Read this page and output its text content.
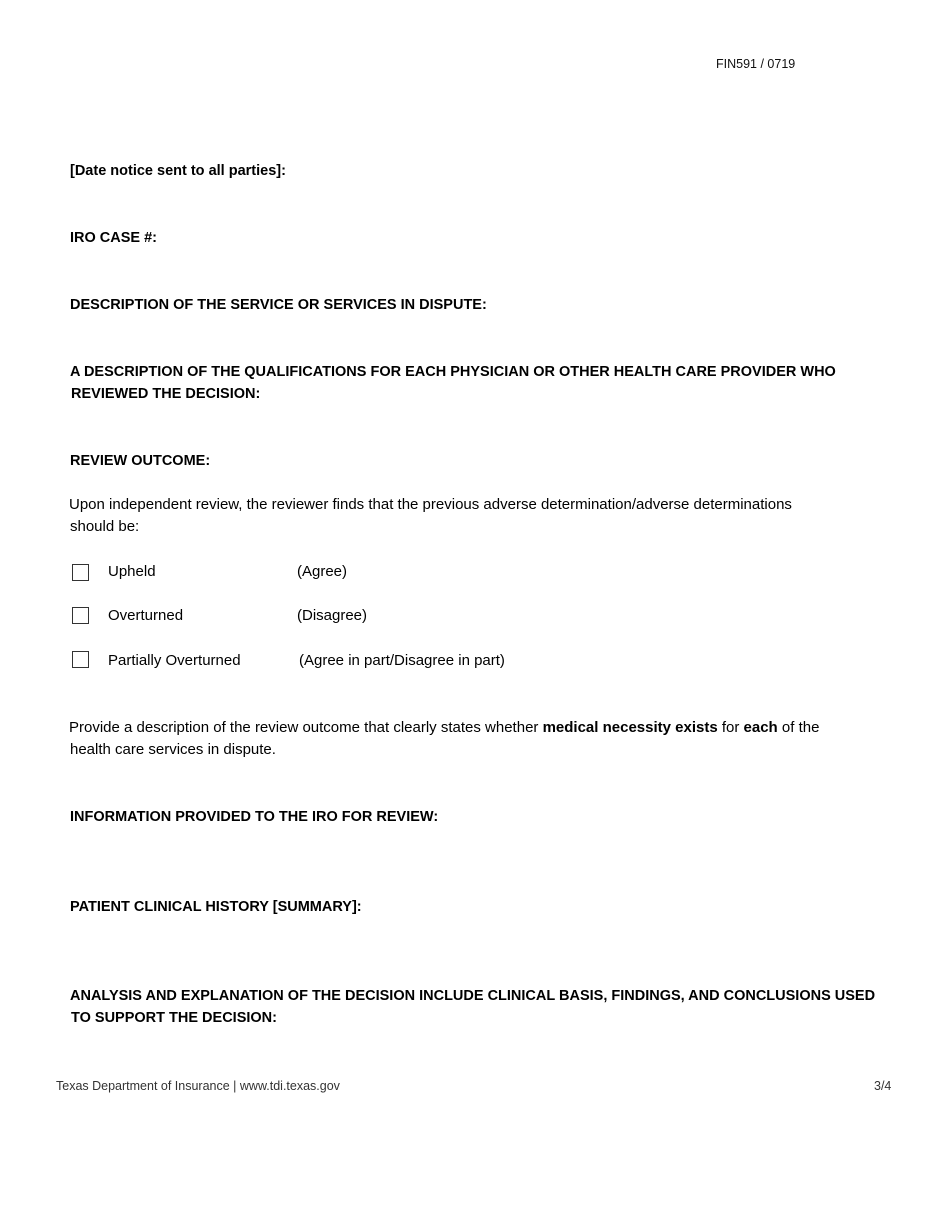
FIN591 / 0719
[Date notice sent to all parties]:
IRO CASE #:
DESCRIPTION OF THE SERVICE OR SERVICES IN DISPUTE:
A DESCRIPTION OF THE QUALIFICATIONS FOR EACH PHYSICIAN OR OTHER HEALTH CARE PROVIDER WHO
REVIEWED THE DECISION:
REVIEW OUTCOME:
Upon independent review, the reviewer finds that the previous adverse determination/adverse determinations
should be:
Upheld	(Agree)
Overturned	(Disagree)
Partially Overturned	(Agree in part/Disagree in part)
Provide a description of the review outcome that clearly states whether medical necessity exists for each of the
health care services in dispute.
INFORMATION PROVIDED TO THE IRO FOR REVIEW:
PATIENT CLINICAL HISTORY [SUMMARY]:
ANALYSIS AND EXPLANATION OF THE DECISION INCLUDE CLINICAL BASIS, FINDINGS, AND CONCLUSIONS USED
TO SUPPORT THE DECISION:
Texas Department of Insurance | www.tdi.texas.gov	3/4
